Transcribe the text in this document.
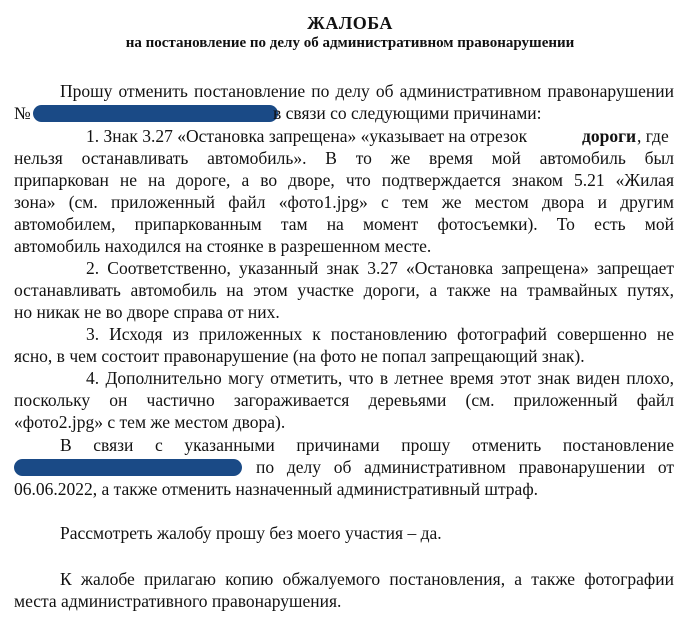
ЖАЛОБА
на постановление по делу об административном правонарушении
Прошу отменить постановление по делу об административном правонарушении
№	в связи со следующими причинами:
1. Знак 3.27 «Остановка запрещена» «указывает на отрезок	дороги , где
нельзя останавливать автомобиль». В то же время мой автомобиль был
припаркован не на дороге, а во дворе, что подтверждается знаком 5.21 «Жилая
зона» (см. приложенный файл «фото1.jpg» с тем же местом двора и другим
автомобилем, припаркованным там на момент фотосъемки). То есть мой
автомобиль находился на стоянке в разрешенном месте.
2. Соответственно, указанный знак 3.27 «Остановка запрещена» запрещает
останавливать автомобиль на этом участке дороги, а также на трамвайных путях,
но никак не во дворе справа от них.
3. Исходя из приложенных к постановлению фотографий совершенно не
ясно, в чем состоит правонарушение (на фото не попал запрещающий знак).
4. Дополнительно могу отметить, что в летнее время этот знак виден плохо,
поскольку он частично загораживается деревьями (см. приложенный файл
«фото2.jpg» с тем же местом двора).
В связи с указанными причинами прошу отменить постановление
по делу об административном правонарушении от
06.06.2022, а также отменить назначенный административный штраф.
Рассмотреть жалобу прошу без моего участия – да.
К жалобе прилагаю копию обжалуемого постановления, а также фотографии
места административного правонарушения.
